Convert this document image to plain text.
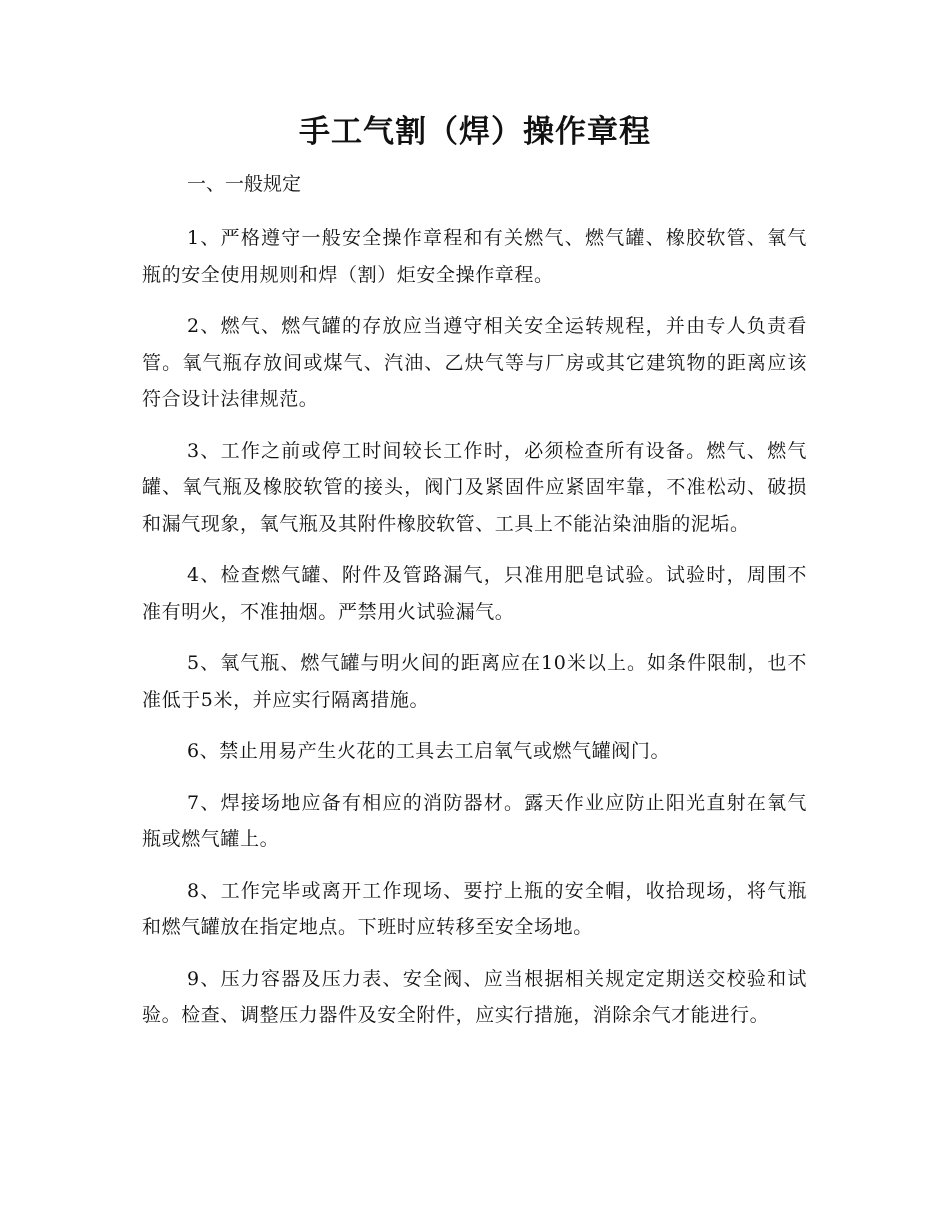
手工气割（焊）操作章程

一、一般规定

1、严格遵守一般安全操作章程和有关燃气、燃气罐、橡胶软管、氧气瓶的安全使用规则和焊（割）炬安全操作章程。

2、燃气、燃气罐的存放应当遵守相关安全运转规程，并由专人负责看管。氧气瓶存放间或煤气、汽油、乙炔气等与厂房或其它建筑物的距离应该符合设计法律规范。

3、工作之前或停工时间较长工作时，必须检查所有设备。燃气、燃气罐、氧气瓶及橡胶软管的接头，阀门及紧固件应紧固牢靠，不准松动、破损和漏气现象，氧气瓶及其附件橡胶软管、工具上不能沾染油脂的泥垢。

4、检查燃气罐、附件及管路漏气，只准用肥皂试验。试验时，周围不准有明火，不准抽烟。严禁用火试验漏气。

5、氧气瓶、燃气罐与明火间的距离应在10米以上。如条件限制，也不准低于5米，并应实行隔离措施。

6、禁止用易产生火花的工具去工启氧气或燃气罐阀门。

7、焊接场地应备有相应的消防器材。露天作业应防止阳光直射在氧气瓶或燃气罐上。

8、工作完毕或离开工作现场、要拧上瓶的安全帽，收拾现场，将气瓶和燃气罐放在指定地点。下班时应转移至安全场地。

9、压力容器及压力表、安全阀、应当根据相关规定定期送交校验和试验。检查、调整压力器件及安全附件，应实行措施，消除余气才能进行。
